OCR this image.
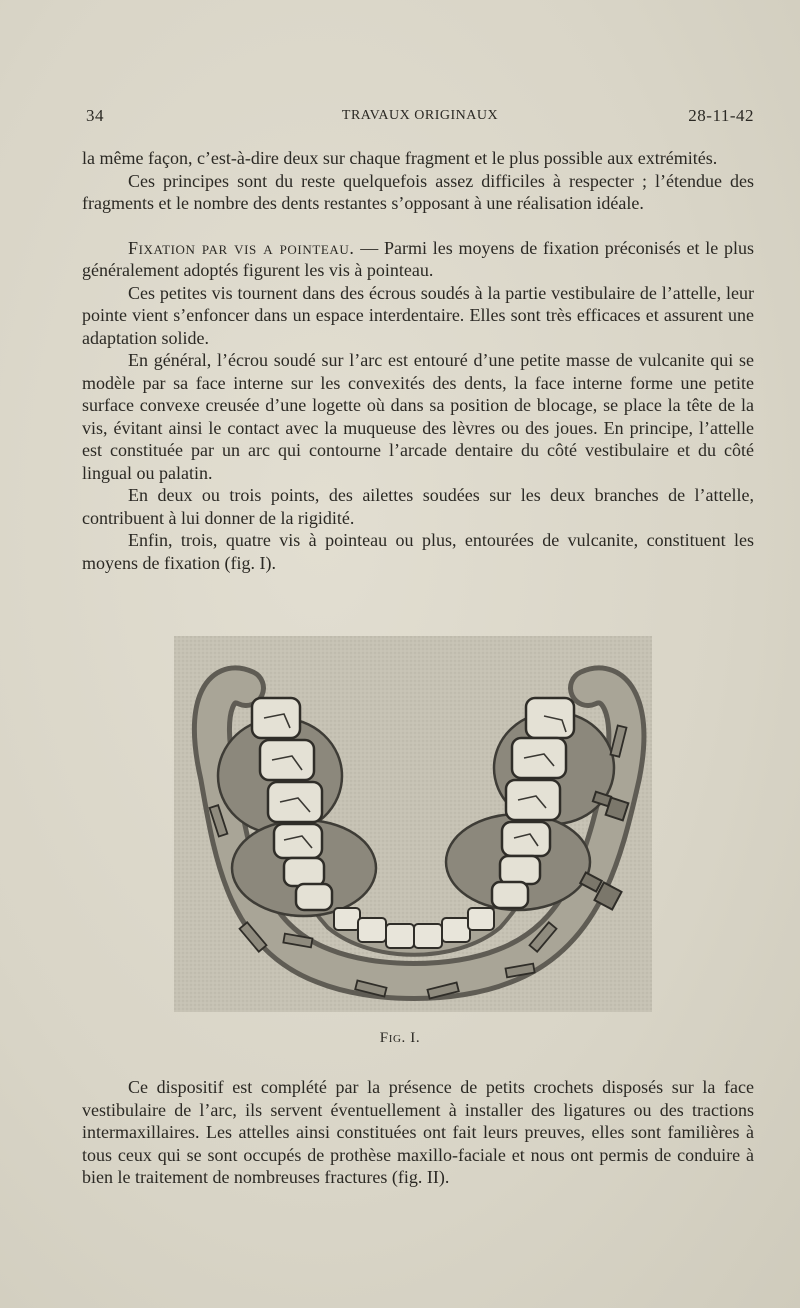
34	TRAVAUX ORIGINAUX	28-11-42

la même façon, c’est-à-dire deux sur chaque fragment et le plus possible aux extrémités.

Ces principes sont du reste quelquefois assez difficiles à respecter ; l’étendue des fragments et le nombre des dents restantes s’opposant à une réalisation idéale.

Fixation par vis a pointeau. — Parmi les moyens de fixation préconisés et le plus généralement adoptés figurent les vis à pointeau.

Ces petites vis tournent dans des écrous soudés à la partie vestibulaire de l’attelle, leur pointe vient s’enfoncer dans un espace interdentaire. Elles sont très efficaces et assurent une adaptation solide.

En général, l’écrou soudé sur l’arc est entouré d’une petite masse de vulcanite qui se modèle par sa face interne sur les convexités des dents, la face interne forme une petite surface convexe creusée d’une logette où dans sa position de blocage, se place la tête de la vis, évitant ainsi le contact avec la muqueuse des lèvres ou des joues. En principe, l’attelle est constituée par un arc qui contourne l’arcade dentaire du côté vestibulaire et du côté lingual ou palatin.

En deux ou trois points, des ailettes soudées sur les deux branches de l’attelle, contribuent à lui donner de la rigidité.

Enfin, trois, quatre vis à pointeau ou plus, entourées de vulcanite, constituent les moyens de fixation (fig. I).

Fig. I.

Ce dispositif est complété par la présence de petits crochets disposés sur la face vestibulaire de l’arc, ils servent éventuellement à installer des ligatures ou des tractions intermaxillaires. Les attelles ainsi constituées ont fait leurs preuves, elles sont familières à tous ceux qui se sont occupés de prothèse maxillo-faciale et nous ont permis de conduire à bien le traitement de nombreuses fractures (fig. II).
